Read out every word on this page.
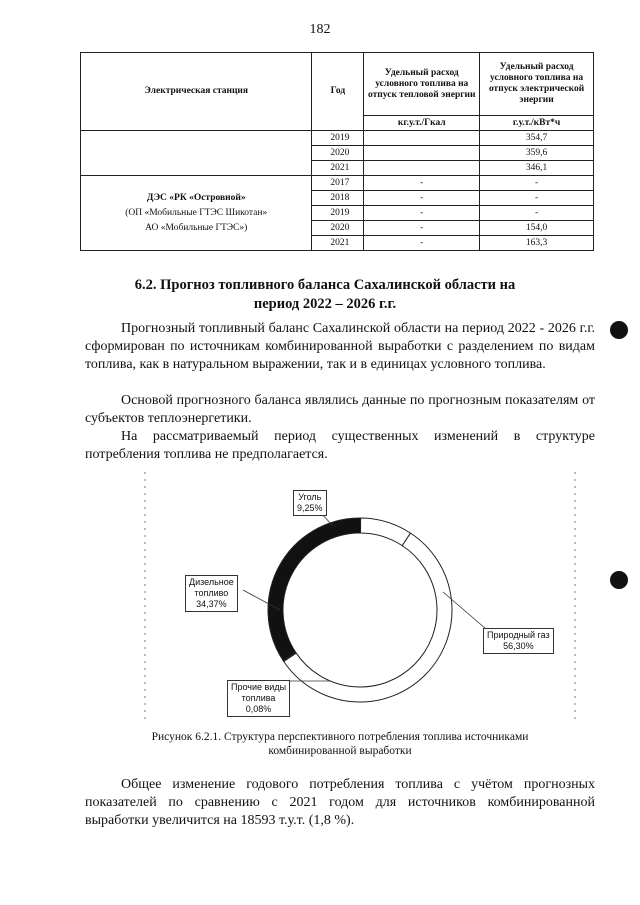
182
Электрическая станция	Год	Удельный расход условного топлива на отпуск тепловой энергии	Удельный расход условного топлива на отпуск электрической энергии
		кг.у.т./Гкал	г.у.т./кВт*ч
	2019		354,7
	2020		359,6
	2021		346,1
ДЭС «РК «Островной»
(ОП «Мобильные ГТЭС Шикотан»
АО «Мобильные ГТЭС»)	2017	-	-
	2018	-	-
	2019	-	-
	2020	-	154,0
	2021	-	163,3
6.2. Прогноз топливного баланса Сахалинской области на
период 2022 – 2026 г.г.
Прогнозный топливный баланс Сахалинской области на период 2022 - 2026 г.г. сформирован по источникам комбинированной выработки с разделением по видам топлива, как в натуральном выражении, так и в единицах условного топлива.
Основой прогнозного баланса являлись данные по прогнозным показателям от субъектов теплоэнергетики.
На рассматриваемый период существенных изменений в структуре потребления топлива не предполагается.
Уголь
9,25%
Дизельное
топливо
34,37%
Природный газ
56,30%
Прочие виды
топлива
0,08%
Рисунок 6.2.1. Структура перспективного потребления топлива источниками
комбинированной выработки
Общее изменение годового потребления топлива с учётом прогнозных показателей по сравнению с 2021 годом для источников комбинированной выработки увеличится на 18593 т.у.т. (1,8 %).
